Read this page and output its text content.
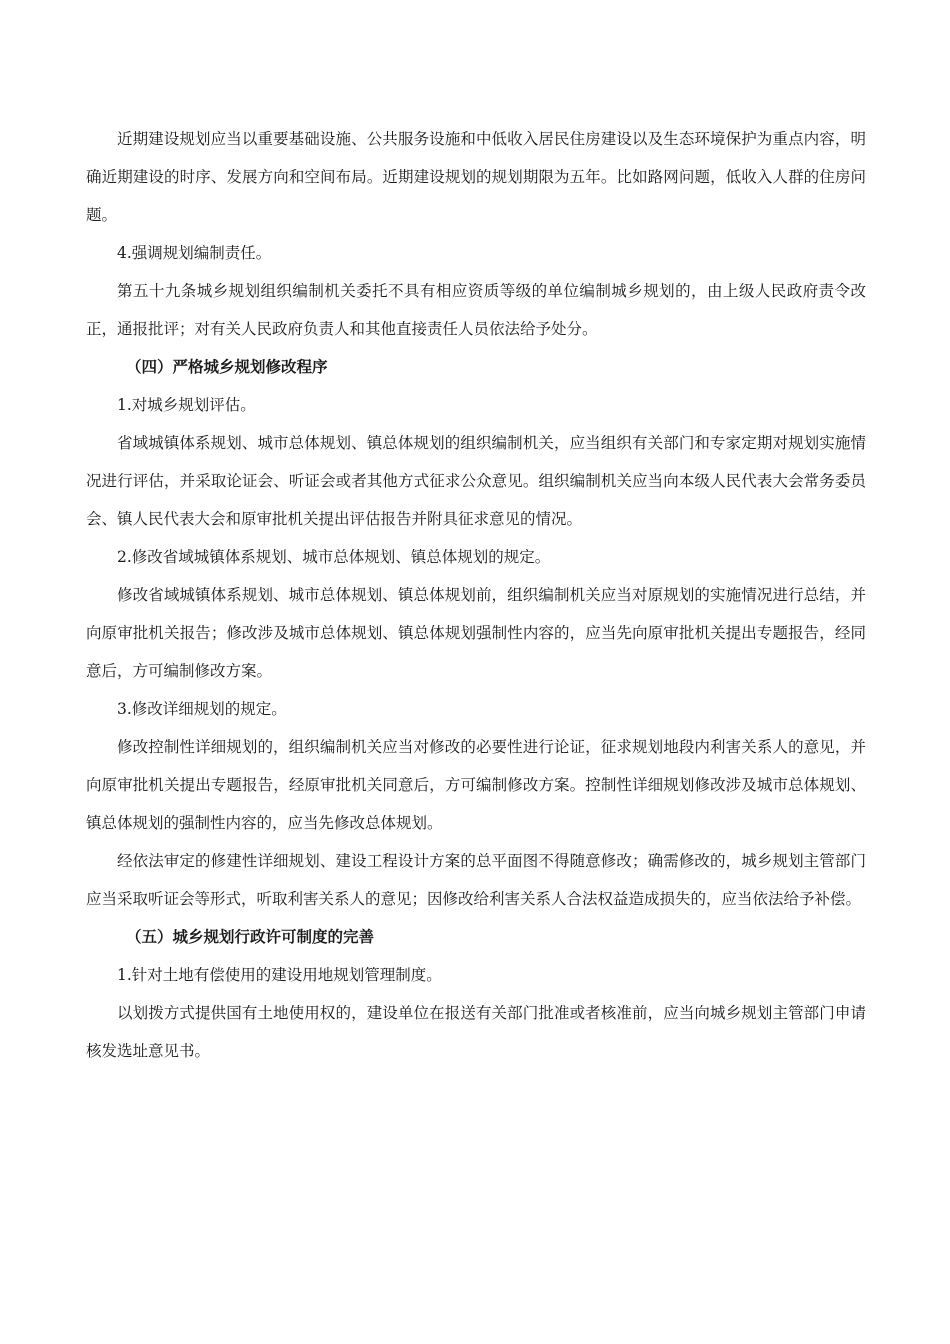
近期建设规划应当以重要基础设施、公共服务设施和中低收入居民住房建设以及生态环境保护为重点内容，明确近期建设的时序、发展方向和空间布局。近期建设规划的规划期限为五年。比如路网问题，低收入人群的住房问题。

4.强调规划编制责任。

第五十九条城乡规划组织编制机关委托不具有相应资质等级的单位编制城乡规划的，由上级人民政府责令改正，通报批评；对有关人民政府负责人和其他直接责任人员依法给予处分。

（四）严格城乡规划修改程序

1.对城乡规划评估。

省域城镇体系规划、城市总体规划、镇总体规划的组织编制机关，应当组织有关部门和专家定期对规划实施情况进行评估，并采取论证会、听证会或者其他方式征求公众意见。组织编制机关应当向本级人民代表大会常务委员会、镇人民代表大会和原审批机关提出评估报告并附具征求意见的情况。

2.修改省域城镇体系规划、城市总体规划、镇总体规划的规定。

修改省域城镇体系规划、城市总体规划、镇总体规划前，组织编制机关应当对原规划的实施情况进行总结，并向原审批机关报告；修改涉及城市总体规划、镇总体规划强制性内容的，应当先向原审批机关提出专题报告，经同意后，方可编制修改方案。

3.修改详细规划的规定。

修改控制性详细规划的，组织编制机关应当对修改的必要性进行论证，征求规划地段内利害关系人的意见，并向原审批机关提出专题报告，经原审批机关同意后，方可编制修改方案。控制性详细规划修改涉及城市总体规划、镇总体规划的强制性内容的，应当先修改总体规划。

经依法审定的修建性详细规划、建设工程设计方案的总平面图不得随意修改；确需修改的，城乡规划主管部门应当采取听证会等形式，听取利害关系人的意见；因修改给利害关系人合法权益造成损失的，应当依法给予补偿。

（五）城乡规划行政许可制度的完善

1.针对土地有偿使用的建设用地规划管理制度。

以划拨方式提供国有土地使用权的，建设单位在报送有关部门批准或者核准前，应当向城乡规划主管部门申请核发选址意见书。
